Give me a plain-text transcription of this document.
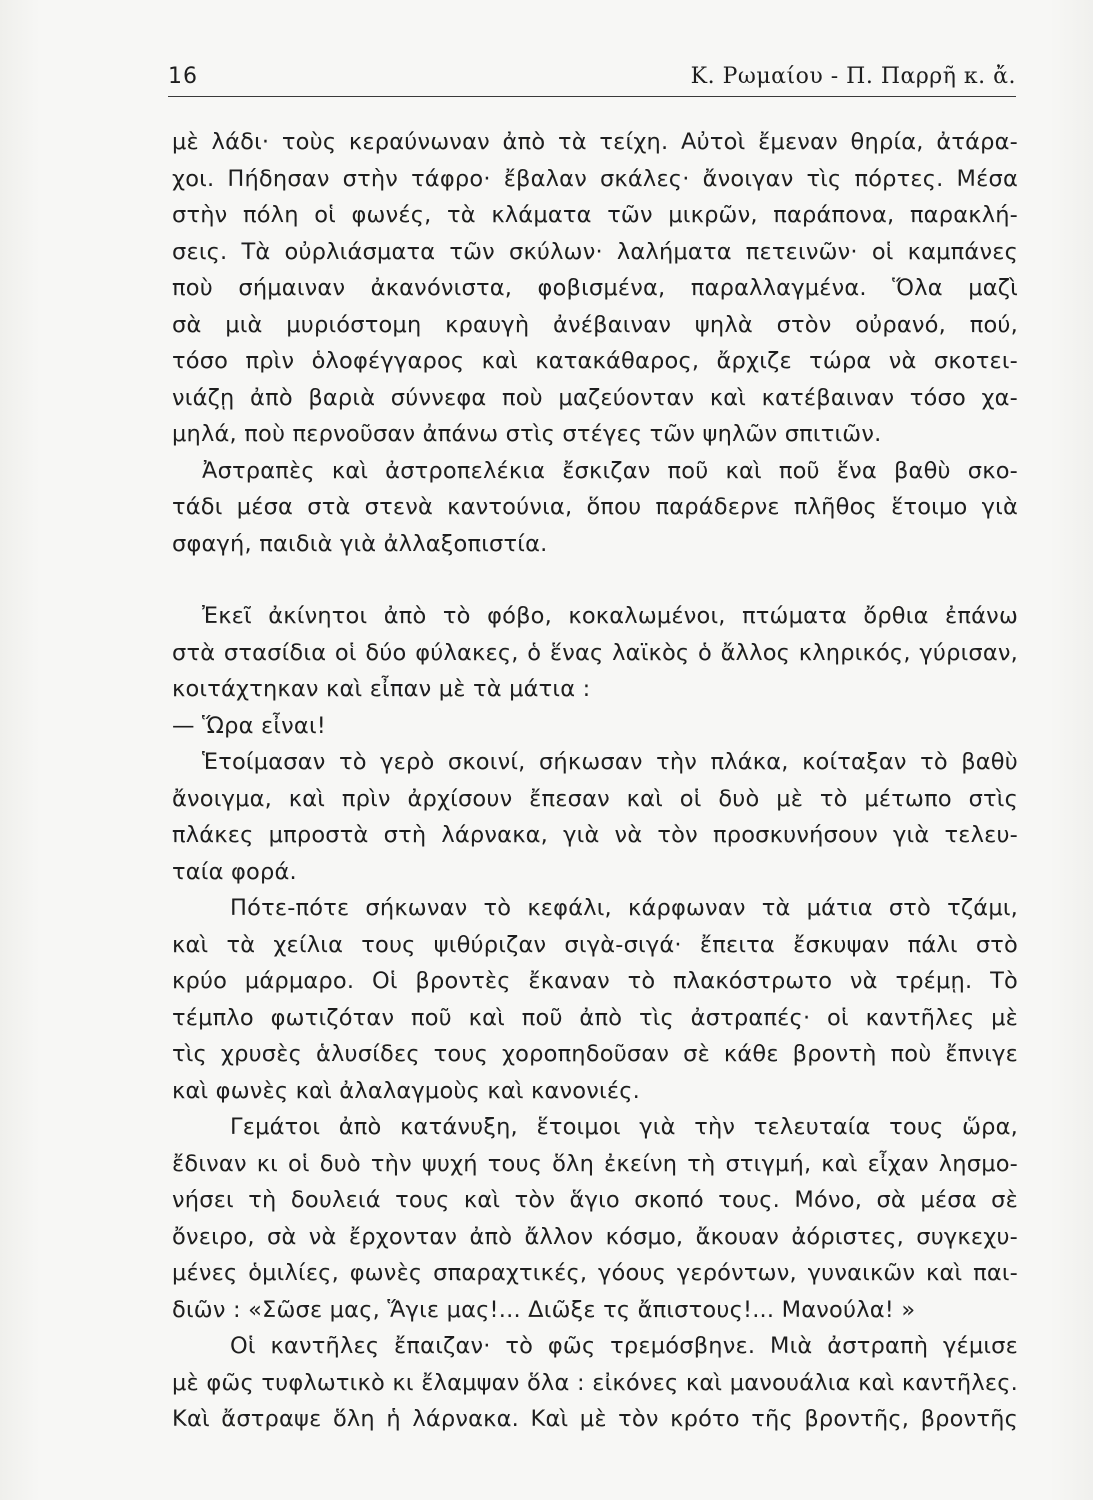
16	Κ. Ρωμαίου - Π. Παρρῆ κ. ἄ.
μὲ λάδι· τοὺς κεραύνωναν ἀπὸ τὰ τείχη. Αὐτοὶ ἔμεναν θηρία, ἀτάρα-
χοι. Πήδησαν στὴν τάφρο· ἔβαλαν σκάλες· ἄνοιγαν τὶς πόρτες. Μέσα
στὴν πόλη οἱ φωνές, τὰ κλάματα τῶν μικρῶν, παράπονα, παρακλή-
σεις. Τὰ οὐρλιάσματα τῶν σκύλων· λαλήματα πετεινῶν· οἱ καμπάνες
ποὺ σήμαιναν ἀκανόνιστα, φοβισμένα, παραλλαγμένα. Ὅλα μαζὶ
σὰ μιὰ μυριόστομη κραυγὴ ἀνέβαιναν ψηλὰ στὸν οὐρανό, πού,
τόσο πρὶν ὁλοφέγγαρος καὶ κατακάθαρος, ἄρχιζε τώρα νὰ σκοτει-
νιάζῃ ἀπὸ βαριὰ σύννεφα ποὺ μαζεύονταν καὶ κατέβαιναν τόσο χα-
μηλά, ποὺ περνοῦσαν ἀπάνω στὶς στέγες τῶν ψηλῶν σπιτιῶν.
Ἀστραπὲς καὶ ἀστροπελέκια ἔσκιζαν ποῦ καὶ ποῦ ἕνα βαθὺ σκο-
τάδι μέσα στὰ στενὰ καντούνια, ὅπου παράδερνε πλῆθος ἕτοιμο γιὰ
σφαγή, παιδιὰ γιὰ ἀλλαξοπιστία.
Ἐκεῖ ἀκίνητοι ἀπὸ τὸ φόβο, κοκαλωμένοι, πτώματα ὄρθια ἐπάνω
στὰ στασίδια οἱ δύο φύλακες, ὁ ἕνας λαϊκὸς ὁ ἄλλος κληρικός, γύρισαν,
κοιτάχτηκαν καὶ εἶπαν μὲ τὰ μάτια :
— Ὥρα εἶναι!
Ἑτοίμασαν τὸ γερὸ σκοινί, σήκωσαν τὴν πλάκα, κοίταξαν τὸ βαθὺ
ἄνοιγμα, καὶ πρὶν ἀρχίσουν ἔπεσαν καὶ οἱ δυὸ μὲ τὸ μέτωπο στὶς
πλάκες μπροστὰ στὴ λάρνακα, γιὰ νὰ τὸν προσκυνήσουν γιὰ τελευ-
ταία φορά.
Πότε-πότε σήκωναν τὸ κεφάλι, κάρφωναν τὰ μάτια στὸ τζάμι,
καὶ τὰ χείλια τους ψιθύριζαν σιγὰ-σιγά· ἔπειτα ἔσκυψαν πάλι στὸ
κρύο μάρμαρο. Οἱ βροντὲς ἔκαναν τὸ πλακόστρωτο νὰ τρέμῃ. Τὸ
τέμπλο φωτιζόταν ποῦ καὶ ποῦ ἀπὸ τὶς ἀστραπές· οἱ καντῆλες μὲ
τὶς χρυσὲς ἁλυσίδες τους χοροπηδοῦσαν σὲ κάθε βροντὴ ποὺ ἔπνιγε
καὶ φωνὲς καὶ ἀλαλαγμοὺς καὶ κανονιές.
Γεμάτοι ἀπὸ κατάνυξη, ἕτοιμοι γιὰ τὴν τελευταία τους ὥρα,
ἔδιναν κι οἱ δυὸ τὴν ψυχή τους ὅλη ἐκείνη τὴ στιγμή, καὶ εἶχαν λησμο-
νήσει τὴ δουλειά τους καὶ τὸν ἅγιο σκοπό τους. Μόνο, σὰ μέσα σὲ
ὄνειρο, σὰ νὰ ἔρχονταν ἀπὸ ἄλλον κόσμο, ἄκουαν ἀόριστες, συγκεχυ-
μένες ὁμιλίες, φωνὲς σπαραχτικές, γόους γερόντων, γυναικῶν καὶ παι-
διῶν : «Σῶσε μας, Ἅγιε μας!... Διῶξε τς ἄπιστους!... Μανούλα! »
Οἱ καντῆλες ἔπαιζαν· τὸ φῶς τρεμόσβηνε. Μιὰ ἀστραπὴ γέμισε
μὲ φῶς τυφλωτικὸ κι ἔλαμψαν ὅλα : εἰκόνες καὶ μανουάλια καὶ καντῆλες.
Καὶ ἄστραψε ὅλη ἡ λάρνακα. Καὶ μὲ τὸν κρότο τῆς βροντῆς, βροντῆς
